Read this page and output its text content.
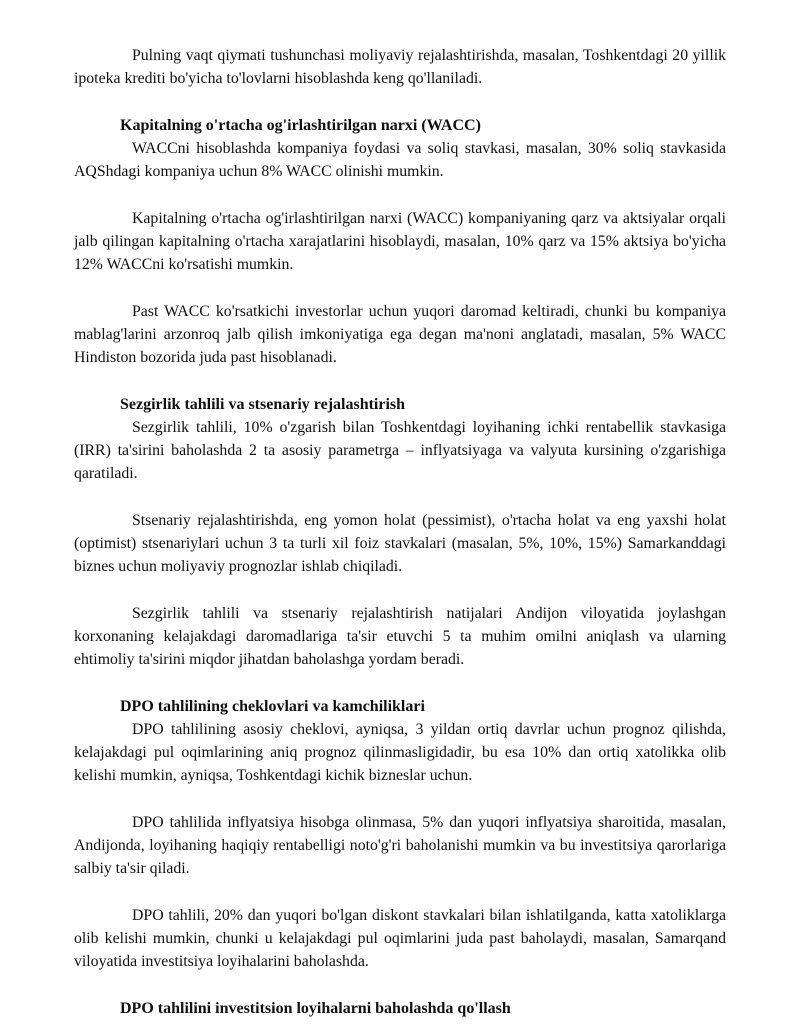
Pulning vaqt qiymati tushunchasi moliyaviy rejalashtirishda, masalan, Toshkentdagi 20 yillik ipoteka krediti bo'yicha to'lovlarni hisoblashda keng qo'llaniladi.

Kapitalning o'rtacha og'irlashtirilgan narxi (WACC)

WACCni hisoblashda kompaniya foydasi va soliq stavkasi, masalan, 30% soliq stavkasida AQShdagi kompaniya uchun 8% WACC olinishi mumkin.

Kapitalning o'rtacha og'irlashtirilgan narxi (WACC) kompaniyaning qarz va aktsiyalar orqali jalb qilingan kapitalning o'rtacha xarajatlarini hisoblaydi, masalan, 10% qarz va 15% aktsiya bo'yicha 12% WACCni ko'rsatishi mumkin.

Past WACC ko'rsatkichi investorlar uchun yuqori daromad keltiradi, chunki bu kompaniya mablag'larini arzonroq jalb qilish imkoniyatiga ega degan ma'noni anglatadi, masalan, 5% WACC Hindiston bozorida juda past hisoblanadi.

Sezgirlik tahlili va stsenariy rejalashtirish

Sezgirlik tahlili, 10% o'zgarish bilan Toshkentdagi loyihaning ichki rentabellik stavkasiga (IRR) ta'sirini baholashda 2 ta asosiy parametrga – inflyatsiyaga va valyuta kursining o'zgarishiga qaratiladi.

Stsenariy rejalashtirishda, eng yomon holat (pessimist), o'rtacha holat va eng yaxshi holat (optimist) stsenariylari uchun 3 ta turli xil foiz stavkalari (masalan, 5%, 10%, 15%) Samarkanddagi biznes uchun moliyaviy prognozlar ishlab chiqiladi.

Sezgirlik tahlili va stsenariy rejalashtirish natijalari Andijon viloyatida joylashgan korxonaning kelajakdagi daromadlariga ta'sir etuvchi 5 ta muhim omilni aniqlash va ularning ehtimoliy ta'sirini miqdor jihatdan baholashga yordam beradi.

DPO tahlilining cheklovlari va kamchiliklari

DPO tahlilining asosiy cheklovi, ayniqsa, 3 yildan ortiq davrlar uchun prognoz qilishda, kelajakdagi pul oqimlarining aniq prognoz qilinmasligidadir, bu esa 10% dan ortiq xatolikka olib kelishi mumkin, ayniqsa, Toshkentdagi kichik bizneslar uchun.

DPO tahlilida inflyatsiya hisobga olinmasa, 5% dan yuqori inflyatsiya sharoitida, masalan, Andijonda, loyihaning haqiqiy rentabelligi noto'g'ri baholanishi mumkin va bu investitsiya qarorlariga salbiy ta'sir qiladi.

DPO tahlili, 20% dan yuqori bo'lgan diskont stavkalari bilan ishlatilganda, katta xatoliklarga olib kelishi mumkin, chunki u kelajakdagi pul oqimlarini juda past baholaydi, masalan, Samarqand viloyatida investitsiya loyihalarini baholashda.

DPO tahlilini investitsion loyihalarni baholashda qo'llash
